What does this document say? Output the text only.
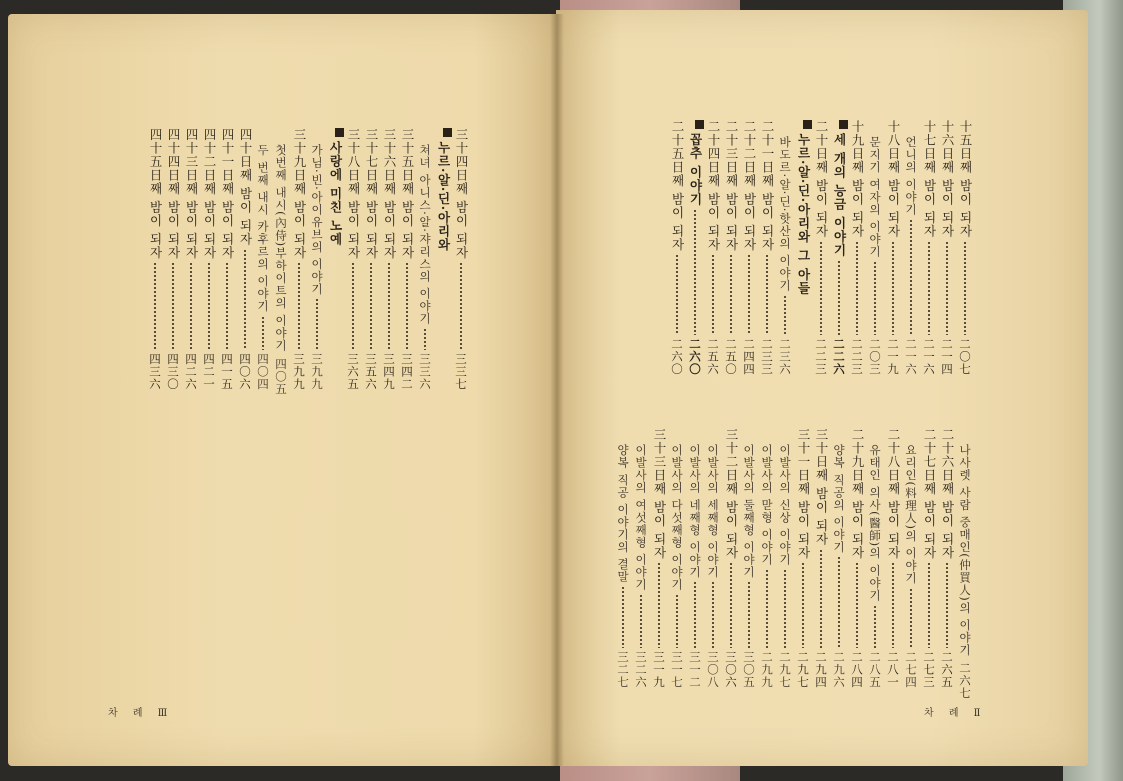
차 례 Ⅲ
三十四日째 밤이 되자
三三七
누르·알·딘·아리와
쳐녀 아니스·알·쟈리스의 이야기
三三六
三十五日째 밤이 되자
三四二
三十六日째 밤이 되자
三四九
三十七日째 밤이 되자
三五六
三十八日째 밤이 되자
三六五
사랑에 미친 노예
가님·빈·아이유브의 이야기
三九九
三十九日째 밤이 되자
三九九
첫번째 내시(內侍)부하이트의 이야기
四〇五
두 번째 내시 카후르의 이야기
四〇四
四十日째 밤이 되자
四〇六
四十一日째 밤이 되자
四一五
四十二日째 밤이 되자
四二一
四十三日째 밤이 되자
四二六
四十四日째 밤이 되자
四三〇
四十五日째 밤이 되자
四三六
차 례 Ⅱ
十五日째 밤이 되자
二〇七
十六日째 밤이 되자
二一四
十七日째 밤이 되자
二一六
언니의 이야기
二一六
十八日째 밤이 되자
二一九
문지기 여자의 이야기
二〇三
十九日째 밤이 되자
二二三
세 개의 능금 이야기
二二六
二十日째 밤이 되자
二二三
누르·알·딘·아리와 그 아들
바도르·알·딘·핫산의 이야기
二三六
二十一日째 밤이 되자
二三三
二十二日째 밤이 되자
二四四
二十三日째 밤이 되자
二五〇
二十四日째 밤이 되자
二五六
꼽추 이야기
二六〇
二十五日째 밤이 되자
二六〇
나사렛 사람 중매인(仲買人)의 이야기
二六七
二十六日째 밤이 되자
二六五
二十七日째 밤이 되자
二七三
요리인(料理人)의 이야기
二七四
二十八日째 밤이 되자
二八一
유태인 의사(醫師)의 이야기
二八五
二十九日째 밤이 되자
二八四
양복 직공의 이야기
二九六
三十日째 밤이 되자
二九四
三十一日째 밤이 되자
二九七
이발사의 신상 이야기
二九七
이발사의 맏형 이야기
二九九
이발사의 둘째형 이야기
三〇五
三十二日째 밤이 되자
三〇六
이발사의 세째형 이야기
三〇八
이발사의 네째형 이야기
三一二
이발사의 다섯째형 이야기
三一七
三十三日째 밤이 되자
三一九
이발사의 여섯째형 이야기
三二六
양복 직공 이야기의 결말
三二七
